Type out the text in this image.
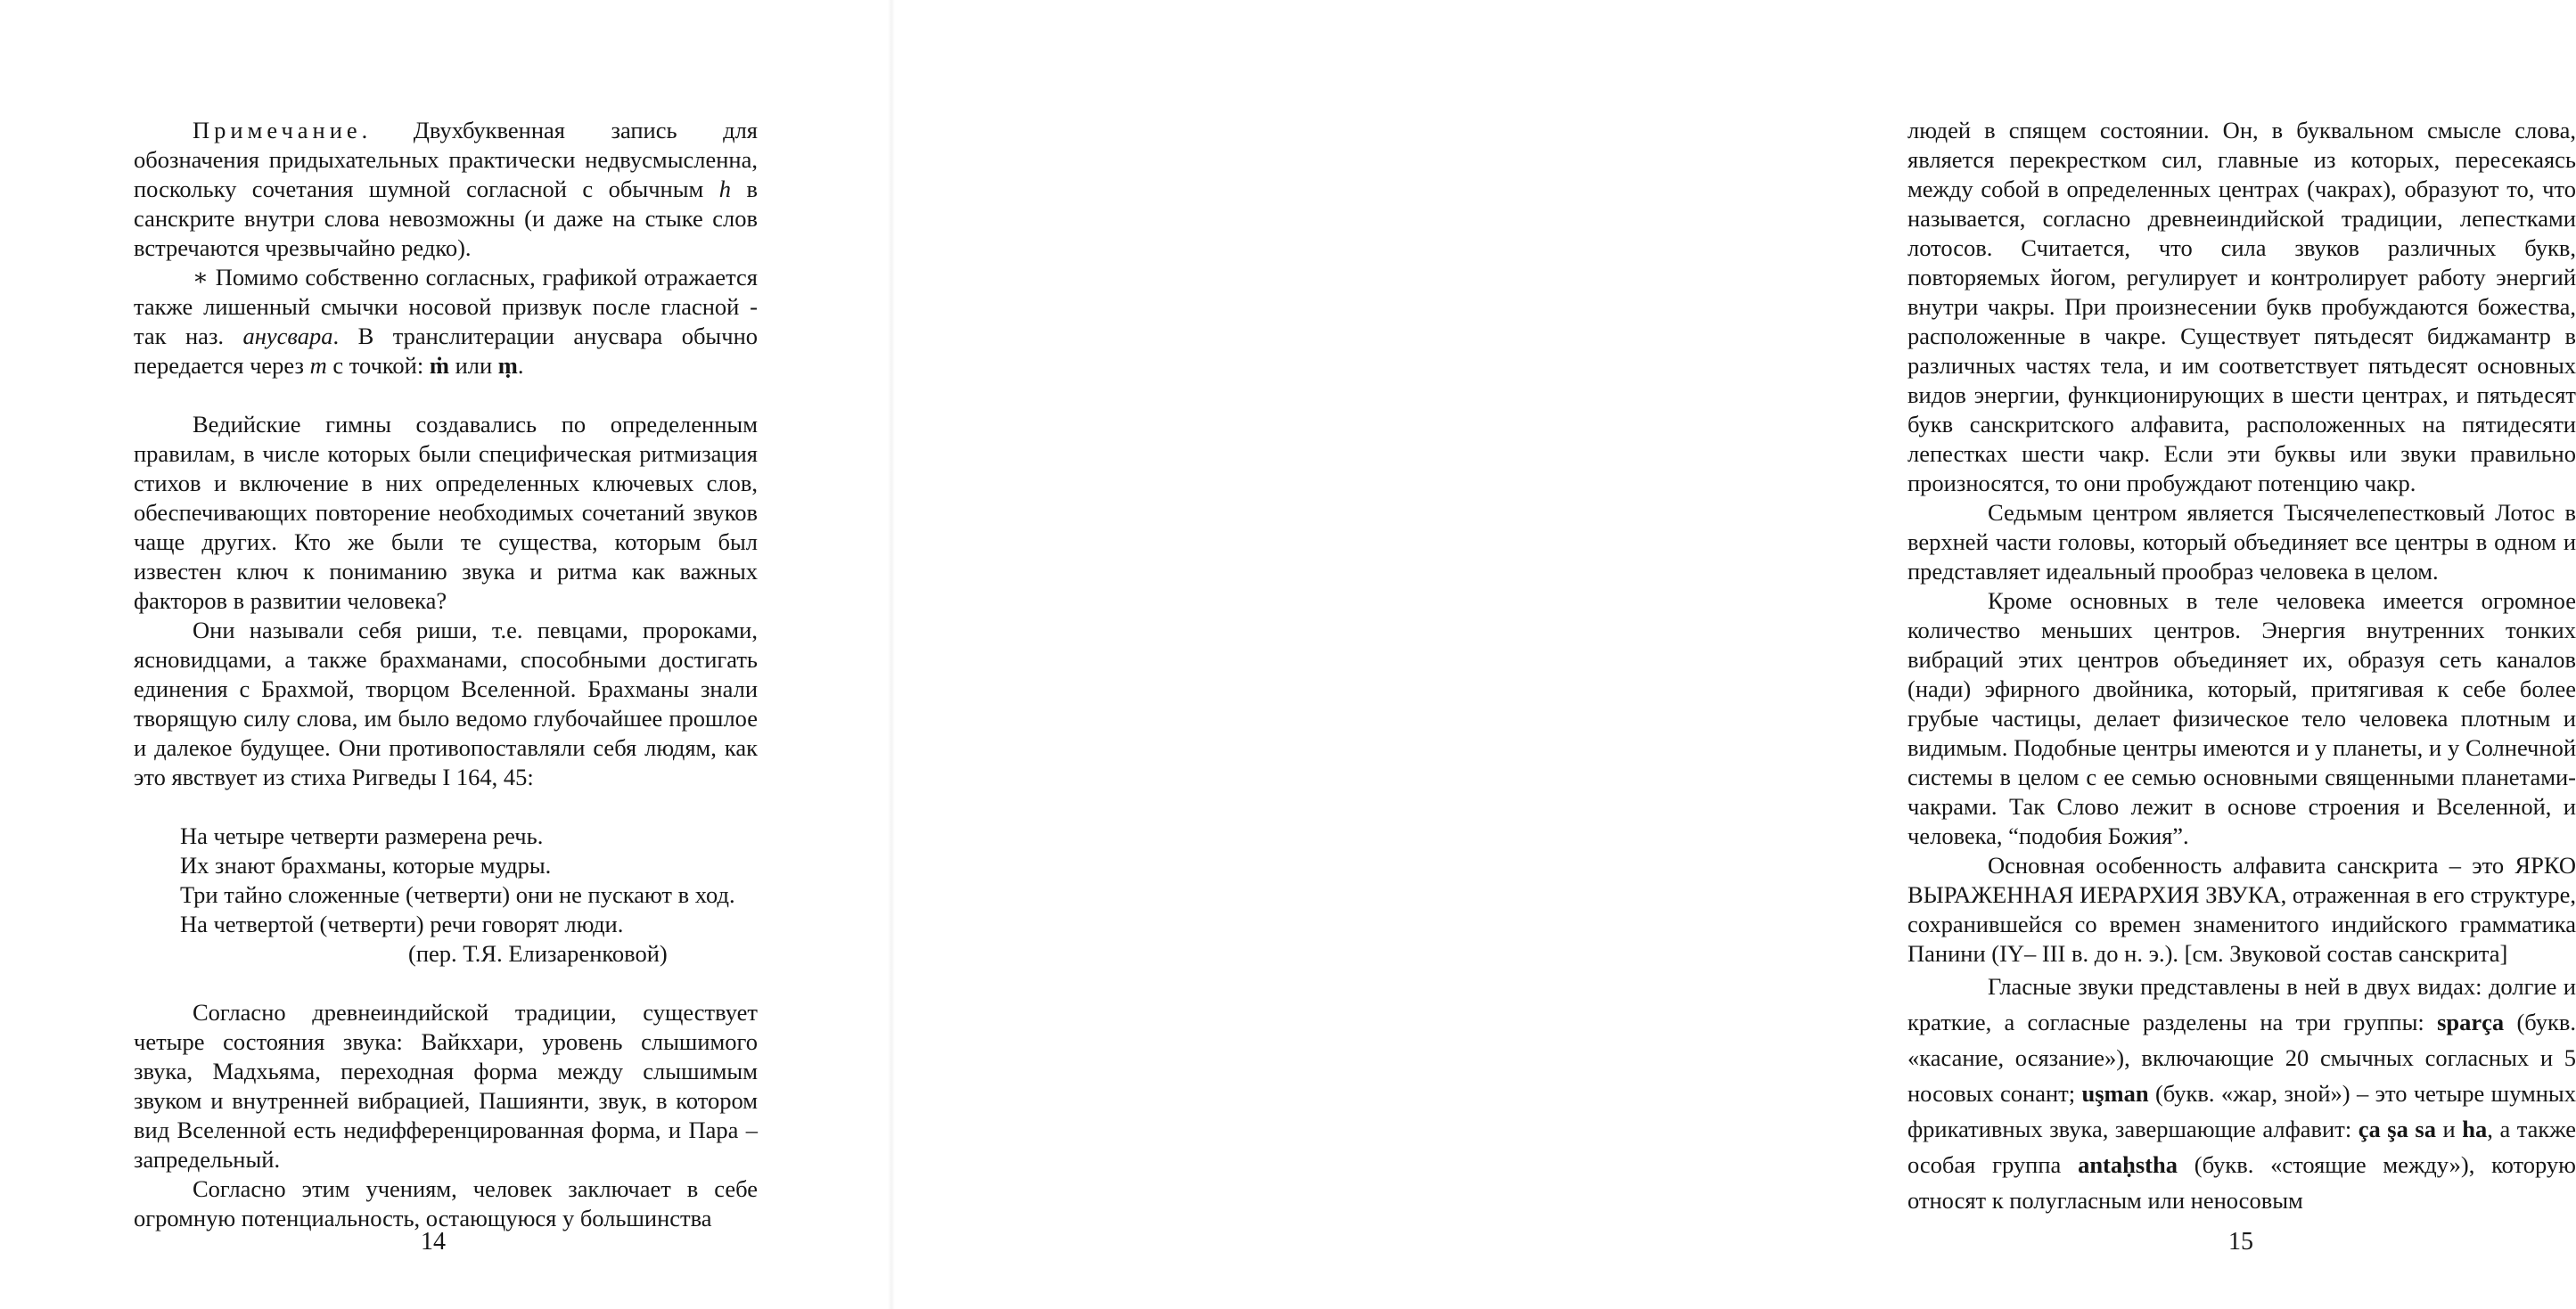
Примечание. Двухбуквенная запись для обозначения придыхательных практически недвусмысленна, поскольку сочетания шумной согласной с обычным h в санскрите внутри слова невозможны (и даже на стыке слов встречаются чрезвычайно редко).

∗ Помимо собственно согласных, графикой отражается также лишенный смычки носовой призвук после гласной - так наз. анусвара. В транслитерации анусвара обычно передается через m с точкой: ṁ или ṃ.

Ведийские гимны создавались по определенным правилам, в числе которых были специфическая ритмизация стихов и включение в них определенных ключевых слов, обеспечивающих повторение необходимых сочетаний звуков чаще других. Кто же были те существа, которым был известен ключ к пониманию звука и ритма как важных факторов в развитии человека?

Они называли себя риши, т.е. певцами, пророками, ясновидцами, а также брахманами, способными достигать единения с Брахмой, творцом Вселенной. Брахманы знали творящую силу слова, им было ведомо глубочайшее прошлое и далекое будущее. Они противопоставляли себя людям, как это явствует из стиха Ригведы I 164, 45:

На четыре четверти размерена речь.
Их знают брахманы, которые мудры.
Три тайно сложенные (четверти) они не пускают в ход.
На четвертой (четверти) речи говорят люди.
(пер. Т.Я. Елизаренковой)

Согласно древнеиндийской традиции, существует четыре состояния звука: Вайкхари, уровень слышимого звука, Мадхьяма, переходная форма между слышимым звуком и внутренней вибрацией, Пашиянти, звук, в котором вид Вселенной есть недифференцированная форма, и Пара – запредельный.

Согласно этим учениям, человек заключает в себе огромную потенциальность, остающуюся у большинства

14

людей в спящем состоянии. Он, в буквальном смысле слова, является перекрестком сил, главные из которых, пересекаясь между собой в определенных центрах (чакрах), образуют то, что называется, согласно древнеиндийской традиции, лепестками лотосов. Считается, что сила звуков различных букв, повторяемых йогом, регулирует и контролирует работу энергий внутри чакры. При произнесении букв пробуждаются божества, расположенные в чакре. Существует пятьдесят биджамантр в различных частях тела, и им соответствует пятьдесят основных видов энергии, функционирующих в шести центрах, и пятьдесят букв санскритского алфавита, расположенных на пятидесяти лепестках шести чакр. Если эти буквы или звуки правильно произносятся, то они пробуждают потенцию чакр.

Седьмым центром является Тысячелепестковый Лотос в верхней части головы, который объединяет все центры в одном и представляет идеальный прообраз человека в целом.

Кроме основных в теле человека имеется огромное количество меньших центров. Энергия внутренних тонких вибраций этих центров объединяет их, образуя сеть каналов (нади) эфирного двойника, который, притягивая к себе более грубые частицы, делает физическое тело человека плотным и видимым. Подобные центры имеются и у планеты, и у Солнечной системы в целом с ее семью основными священными планетами-чакрами. Так Слово лежит в основе строения и Вселенной, и человека, “подобия Божия”.

Основная особенность алфавита санскрита – это ЯРКО ВЫРАЖЕННАЯ ИЕРАРХИЯ ЗВУКА, отраженная в его структуре, сохранившейся со времен знаменитого индийского грамматика Панини (IY– III в. до н. э.). [см. Звуковой состав санскрита]

Гласные звуки представлены в ней в двух видах: долгие и краткие, а согласные разделены на три группы: sparça (букв. «касание, осязание»), включающие 20 смычных согласных и 5 носовых сонант; uşman (букв. «жар, зной») – это четыре шумных фрикативных звука, завершающие алфавит: ça şa sa и ha, а также особая группа antaḥstha (букв. «стоящие между»), которую относят к полугласным или неносовым

15
